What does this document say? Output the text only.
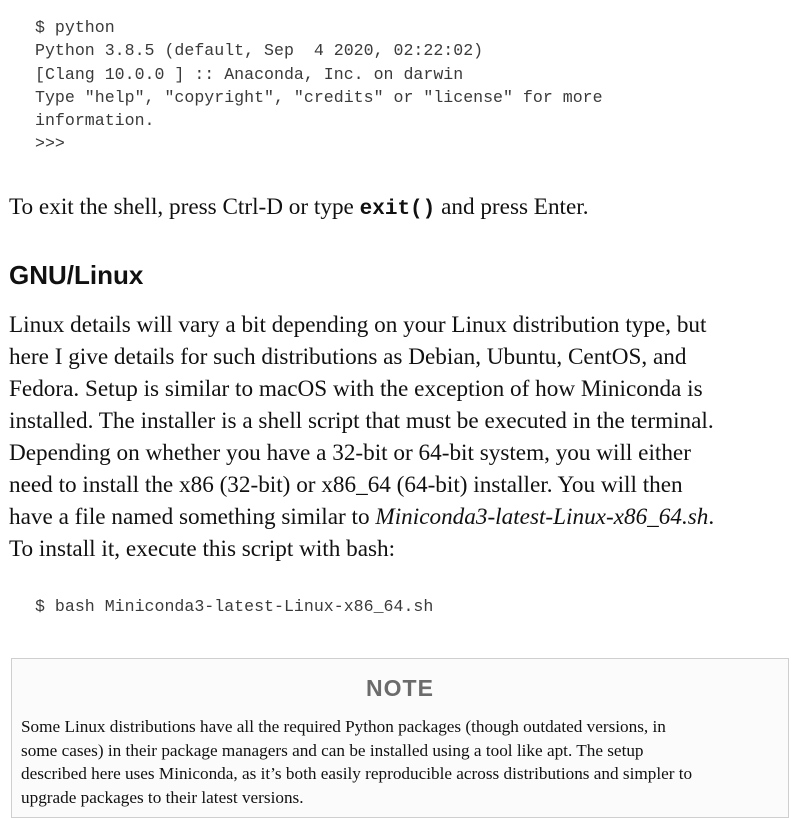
$ python
Python 3.8.5 (default, Sep  4 2020, 02:22:02)
[Clang 10.0.0 ] :: Anaconda, Inc. on darwin
Type "help", "copyright", "credits" or "license" for more
information.
>>>

To exit the shell, press Ctrl-D or type exit() and press Enter.

GNU/Linux

Linux details will vary a bit depending on your Linux distribution type, but
here I give details for such distributions as Debian, Ubuntu, CentOS, and
Fedora. Setup is similar to macOS with the exception of how Miniconda is
installed. The installer is a shell script that must be executed in the terminal.
Depending on whether you have a 32-bit or 64-bit system, you will either
need to install the x86 (32-bit) or x86_64 (64-bit) installer. You will then
have a file named something similar to Miniconda3-latest-Linux-x86_64.sh.
To install it, execute this script with bash:

$ bash Miniconda3-latest-Linux-x86_64.sh
NOTE

Some Linux distributions have all the required Python packages (though outdated versions, in
some cases) in their package managers and can be installed using a tool like apt. The setup
described here uses Miniconda, as it’s both easily reproducible across distributions and simpler to
upgrade packages to their latest versions.
